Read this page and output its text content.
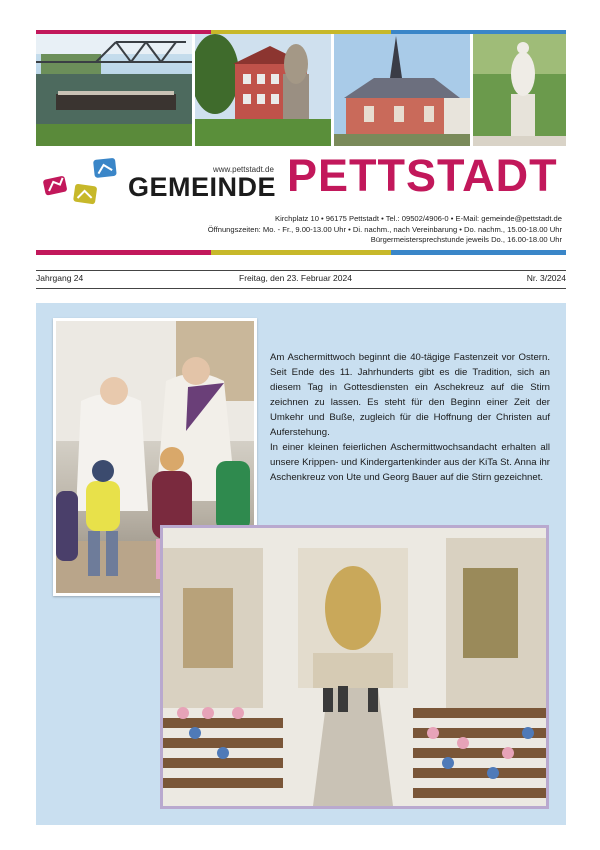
www.pettstadt.de
GEMEINDE PETTSTADT
Kirchplatz 10 • 96175 Pettstadt • Tel.: 09502/4906-0 • E-Mail: gemeinde@pettstadt.de
Öffnungszeiten: Mo. - Fr., 9.00-13.00 Uhr • Di. nachm., nach Vereinbarung • Do. nachm., 15.00-18.00 Uhr
Bürgermeistersprechstunde jeweils Do., 16.00-18.00 Uhr
Jahrgang 24	Freitag, den 23. Februar 2024	Nr. 3/2024

Am Aschermittwoch beginnt die 40-tägige Fastenzeit vor Ostern. Seit Ende des 11. Jahrhunderts gibt es die Tradition, sich an diesem Tag in Gottesdiensten ein Aschekreuz auf die Stirn zeichnen zu lassen. Es steht für den Beginn einer Zeit der Umkehr und Buße, zugleich für die Hoffnung der Christen auf Auferstehung.

In einer kleinen feierlichen Aschermittwochsandacht erhalten all unsere Krippen- und Kindergartenkinder aus der KiTa St. Anna ihr Aschenkreuz von Ute und Georg Bauer auf die Stirn gezeichnet.
